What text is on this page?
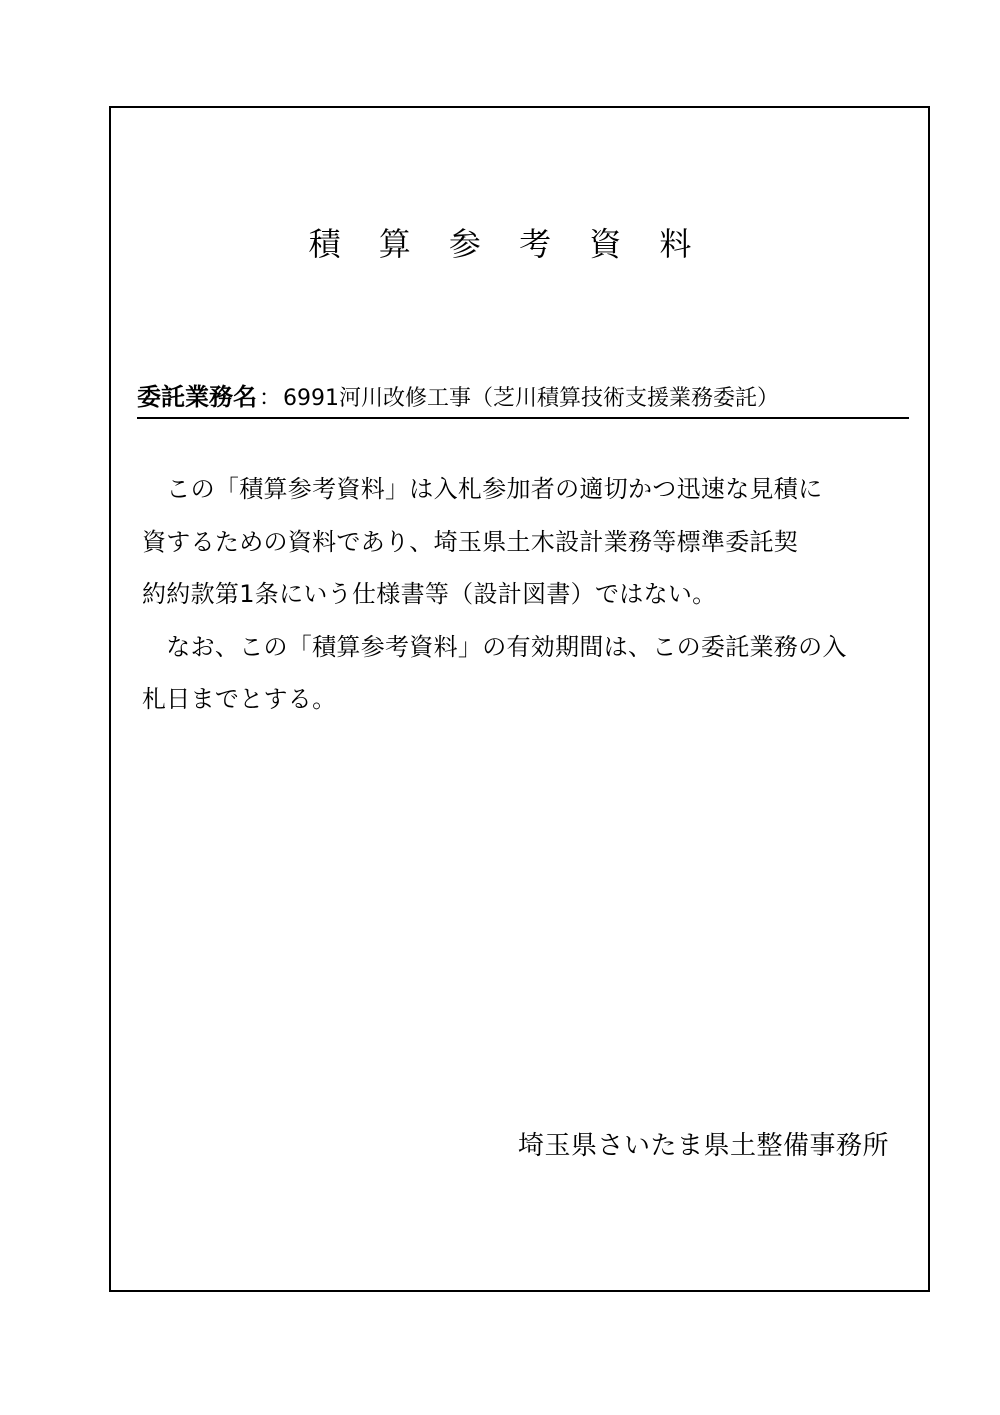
積 算 参 考 資 料
委託業務名：6991河川改修工事（芝川積算技術支援業務委託）
　この「積算参考資料」は入札参加者の適切かつ迅速な見積に
資するための資料であり、埼玉県土木設計業務等標準委託契
約約款第1条にいう仕様書等（設計図書）ではない。
　なお、この「積算参考資料」の有効期間は、この委託業務の入
札日までとする。
埼玉県さいたま県土整備事務所
